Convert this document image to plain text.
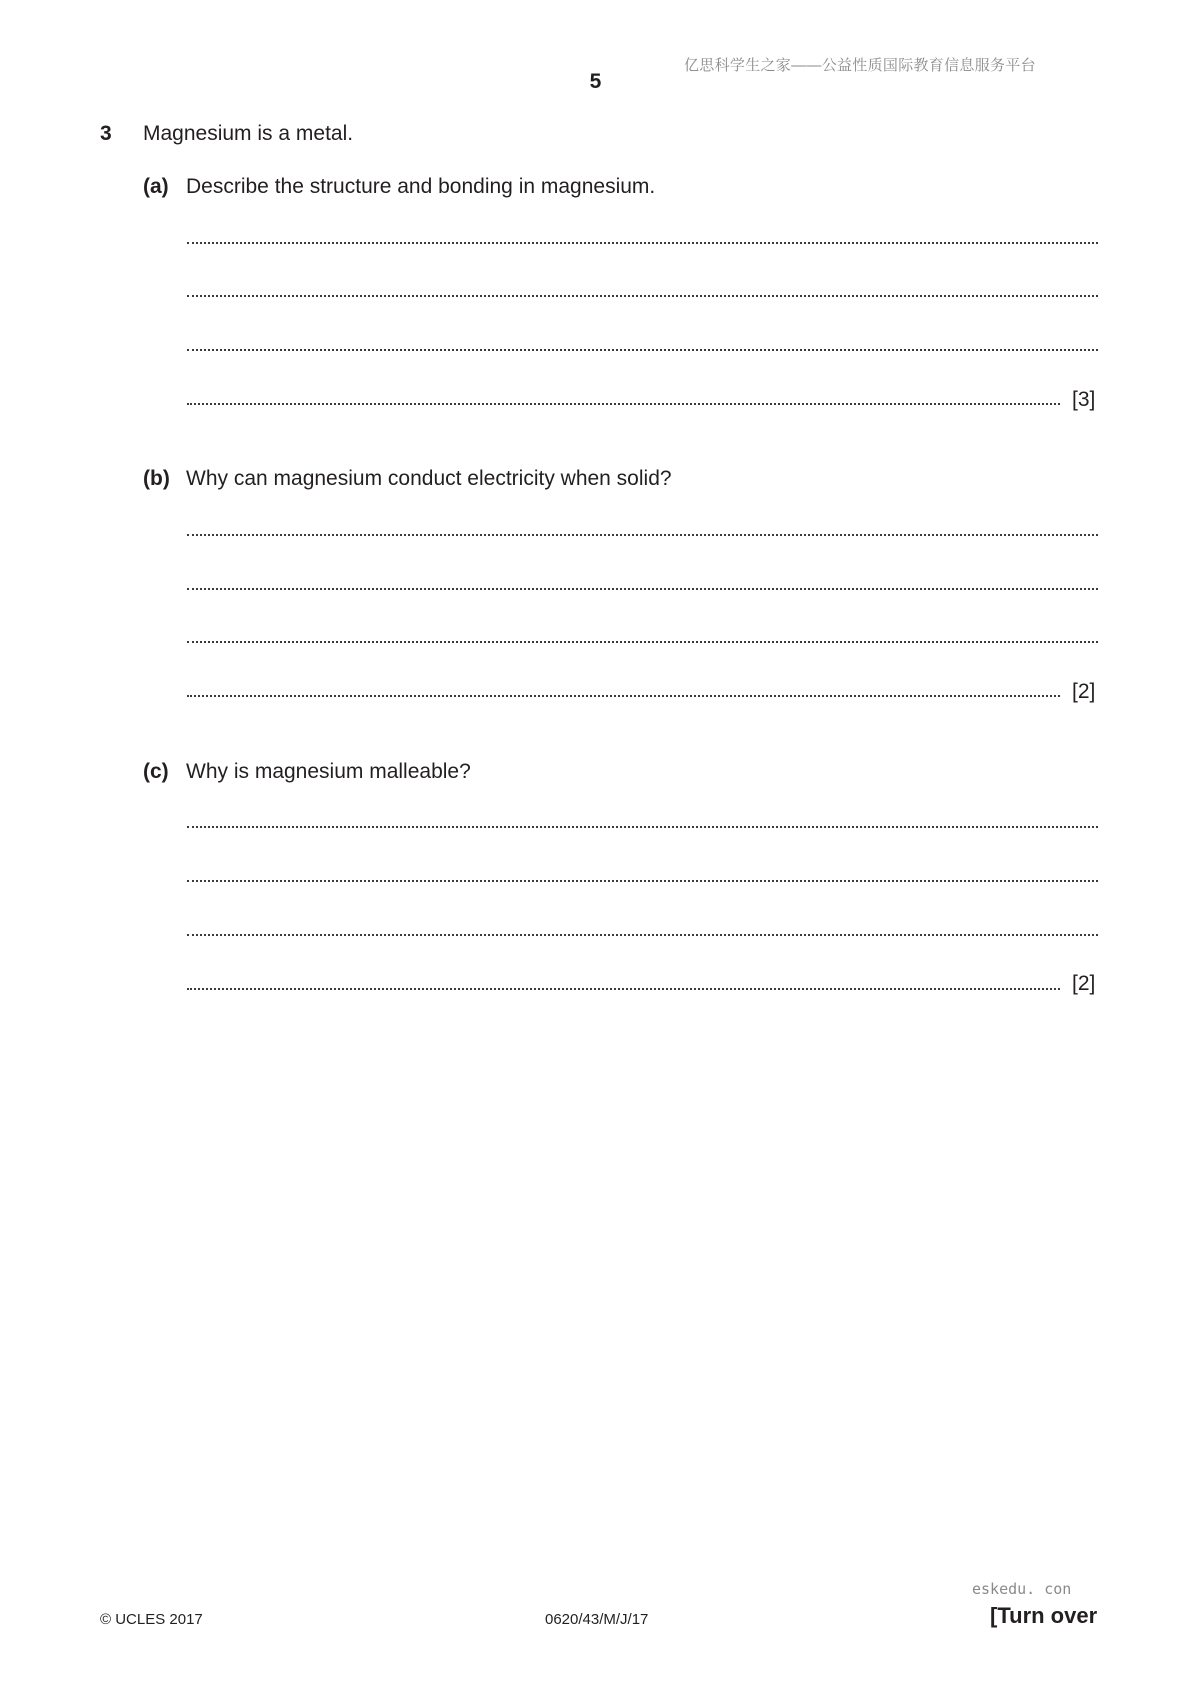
亿思科学生之家——公益性质国际教育信息服务平台
5
3 Magnesium is a metal.
(a) Describe the structure and bonding in magnesium.
[3]
(b) Why can magnesium conduct electricity when solid?
[2]
(c) Why is magnesium malleable?
[2]
© UCLES 2017	0620/43/M/J/17
eskedu. con
[Turn over
